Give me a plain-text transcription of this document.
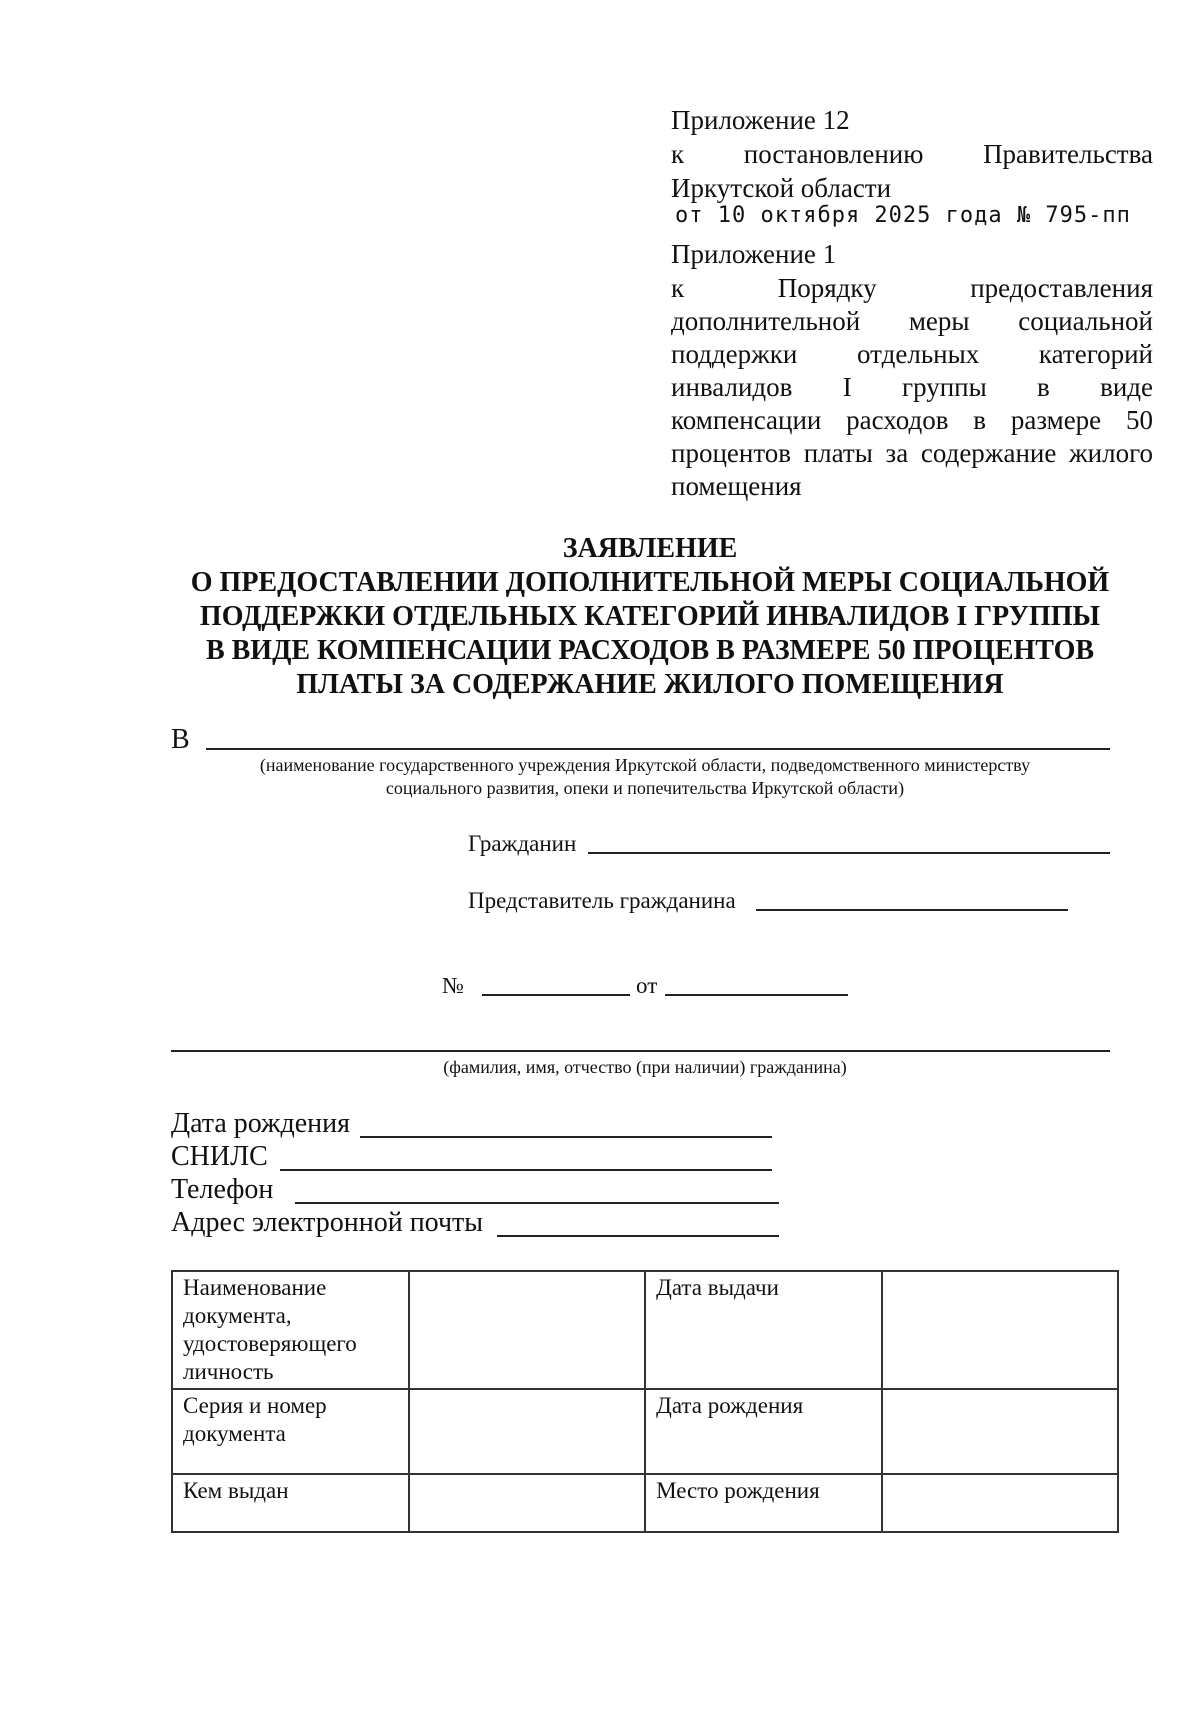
Приложение 12
к постановлению Правительства
Иркутской области
от 10 октября 2025 года № 795-пп
Приложение 1
к	Порядку	предоставления
дополнительной меры социальной
поддержки отдельных категорий
инвалидов I группы в виде
компенсации расходов в размере 50
процентов платы за содержание жилого
помещения
ЗАЯВЛЕНИЕ
О ПРЕДОСТАВЛЕНИИ ДОПОЛНИТЕЛЬНОЙ МЕРЫ СОЦИАЛЬНОЙ
ПОДДЕРЖКИ ОТДЕЛЬНЫХ КАТЕГОРИЙ ИНВАЛИДОВ I ГРУППЫ
В ВИДЕ КОМПЕНСАЦИИ РАСХОДОВ В РАЗМЕРЕ 50 ПРОЦЕНТОВ
ПЛАТЫ ЗА СОДЕРЖАНИЕ ЖИЛОГО ПОМЕЩЕНИЯ
В
(наименование государственного учреждения Иркутской области, подведомственного министерству
социального развития, опеки и попечительства Иркутской области)
Гражданин
Представитель гражданина
№	от
(фамилия, имя, отчество (при наличии) гражданина)
Дата рождения
СНИЛС
Телефон
Адрес электронной почты
Наименование документа, удостоверяющего личность		Дата выдачи	
Серия и номер документа		Дата рождения	
Кем выдан		Место рождения	
